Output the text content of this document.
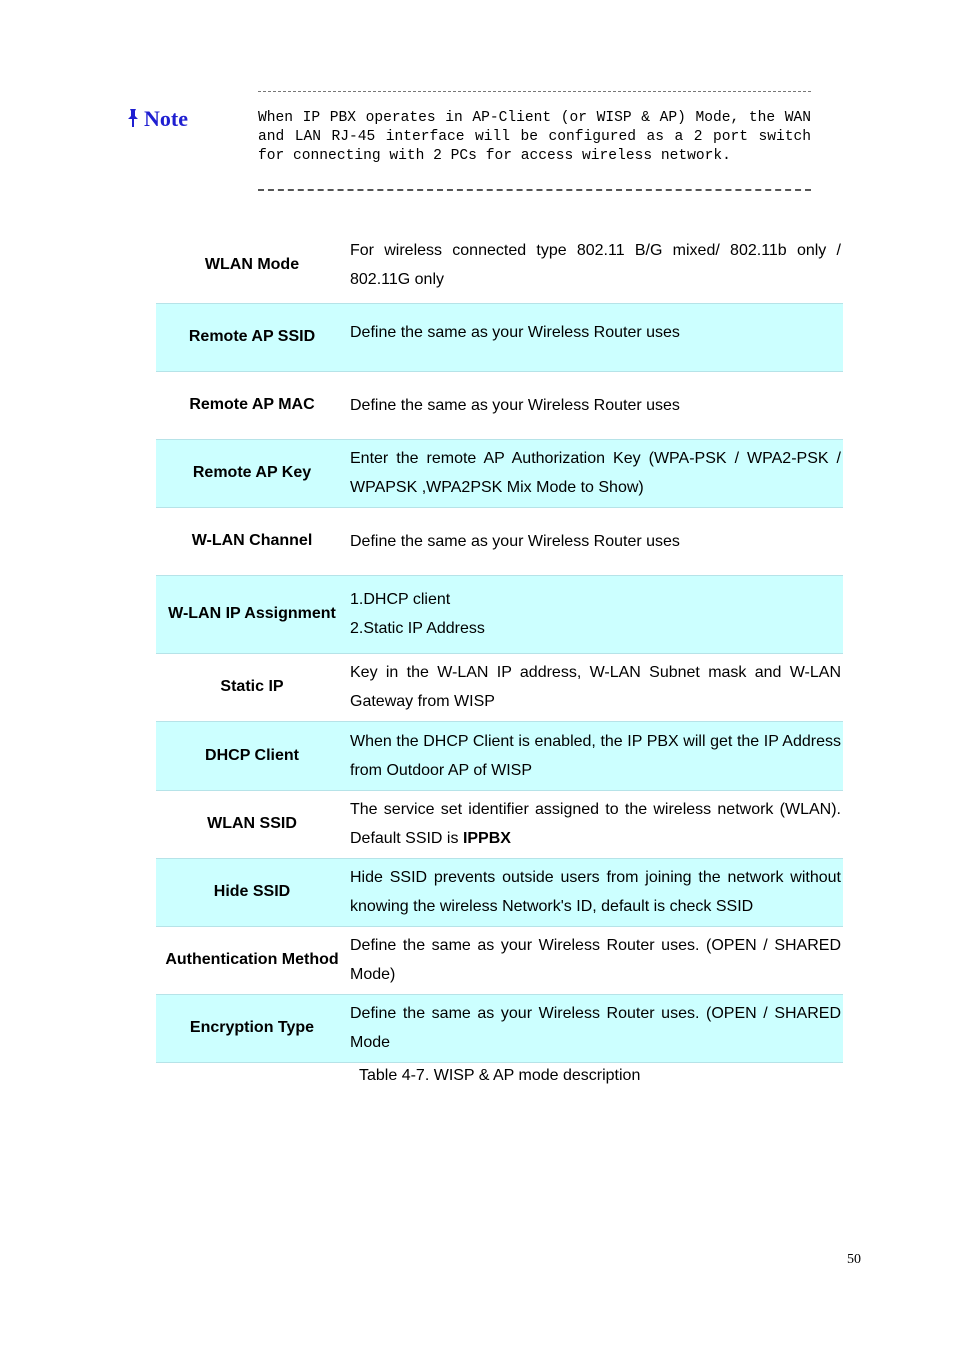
Note	When IP PBX operates in AP-Client (or WISP & AP) Mode, the WAN and LAN RJ-45 interface will be configured as a 2 port switch for connecting with 2 PCs for access wireless network.
WLAN Mode	For wireless connected type 802.11 B/G mixed/ 802.11b only / 802.11G only
Remote AP SSID	Define the same as your Wireless Router uses

Remote AP MAC	Define the same as your Wireless Router uses
Remote AP Key	Enter the remote AP Authorization Key (WPA-PSK / WPA2-PSK / WPAPSK ,WPA2PSK Mix Mode to Show)
W-LAN Channel	Define the same as your Wireless Router uses
W-LAN IP Assignment	1.DHCP client
2.Static IP Address

Static IP	Key in the W-LAN IP address, W-LAN Subnet mask and W-LAN Gateway from WISP
DHCP Client	When the DHCP Client is enabled, the IP PBX will get the IP Address from Outdoor AP of WISP
WLAN SSID	The service set identifier assigned to the wireless network (WLAN). Default SSID is IPPBX
Hide SSID	Hide SSID prevents outside users from joining the network without knowing the wireless Network's ID, default is check SSID
Authentication Method	Define the same as your Wireless Router uses. (OPEN / SHARED Mode)
Encryption Type	Define the same as your Wireless Router uses. (OPEN / SHARED Mode
Table 4-7. WISP & AP mode description
50
